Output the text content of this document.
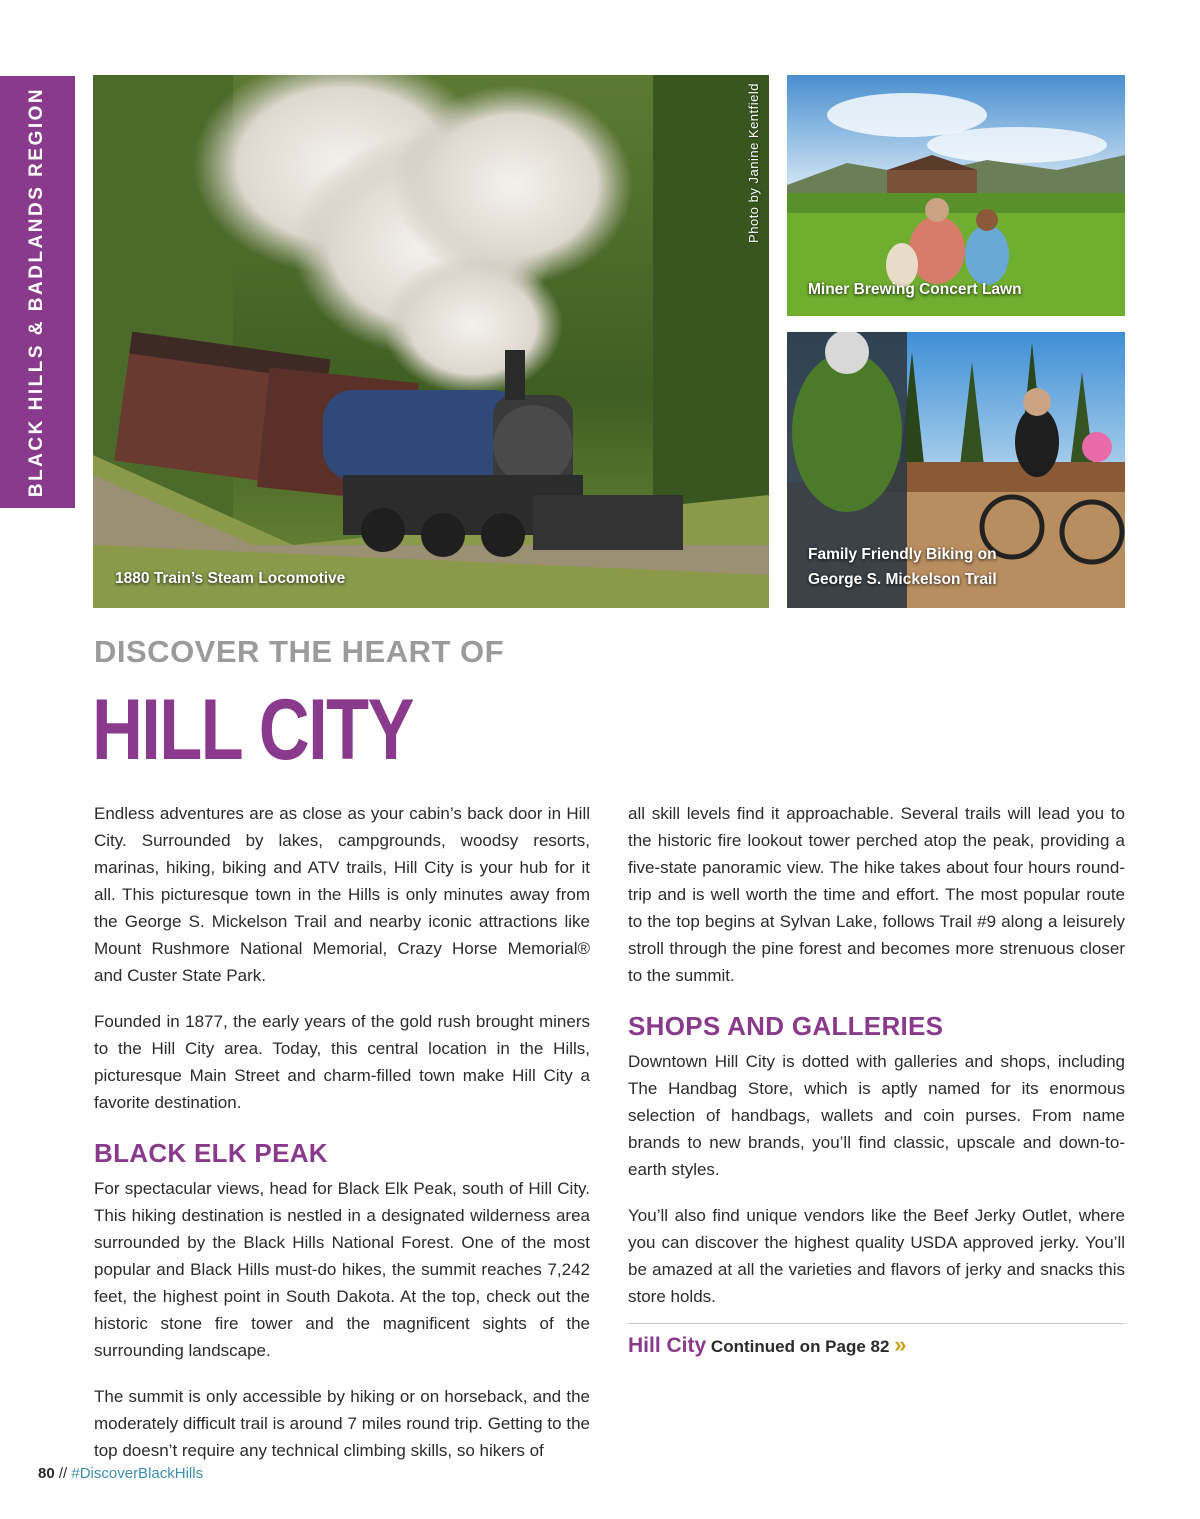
BLACK HILLS & BADLANDS REGION
1880 Train’s Steam Locomotive
Photo by Janine Kentfield
Miner Brewing Concert Lawn
Family Friendly Biking on
George S. Mickelson Trail
DISCOVER THE HEART OF
HILL CITY

Endless adventures are as close as your cabin’s back door in Hill City. Surrounded by lakes, campgrounds, woodsy resorts, marinas, hiking, biking and ATV trails, Hill City is your hub for it all. This picturesque town in the Hills is only minutes away from the George S. Mickelson Trail and nearby iconic attractions like Mount Rushmore National Memorial, Crazy Horse Memorial® and Custer State Park.

Founded in 1877, the early years of the gold rush brought miners to the Hill City area. Today, this central location in the Hills, picturesque Main Street and charm-filled town make Hill City a favorite destination.

BLACK ELK PEAK

For spectacular views, head for Black Elk Peak, south of Hill City. This hiking destination is nestled in a designated wilderness area surrounded by the Black Hills National Forest. One of the most popular and Black Hills must-do hikes, the summit reaches 7,242 feet, the highest point in South Dakota. At the top, check out the historic stone fire tower and the magnificent sights of the surrounding landscape.

The summit is only accessible by hiking or on horseback, and the moderately difficult trail is around 7 miles round trip. Getting to the top doesn’t require any technical climbing skills, so hikers of

all skill levels find it approachable. Several trails will lead you to the historic fire lookout tower perched atop the peak, providing a five-state panoramic view. The hike takes about four hours round-trip and is well worth the time and effort. The most popular route to the top begins at Sylvan Lake, follows Trail #9 along a leisurely stroll through the pine forest and becomes more strenuous closer to the summit.

SHOPS AND GALLERIES

Downtown Hill City is dotted with galleries and shops, including The Handbag Store, which is aptly named for its enormous selection of handbags, wallets and coin purses. From name brands to new brands, you’ll find classic, upscale and down-to-earth styles.

You’ll also find unique vendors like the Beef Jerky Outlet, where you can discover the highest quality USDA approved jerky. You’ll be amazed at all the varieties and flavors of jerky and snacks this store holds.

Hill City Continued on Page 82 »
80 // #DiscoverBlackHills
